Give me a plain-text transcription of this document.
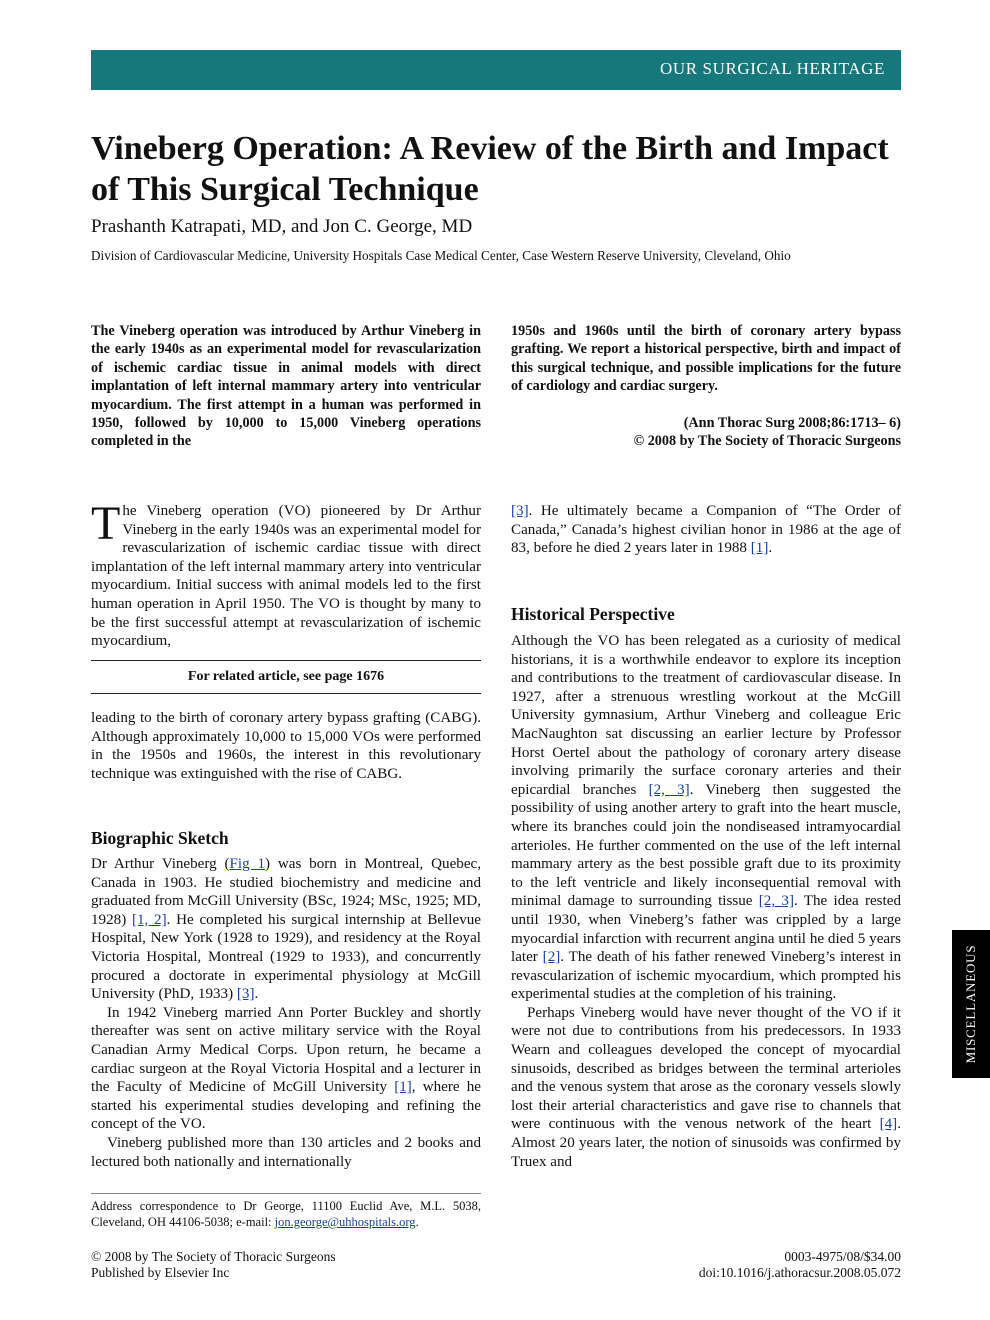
OUR SURGICAL HERITAGE
Vineberg Operation: A Review of the Birth and Impact of This Surgical Technique
Prashanth Katrapati, MD, and Jon C. George, MD
Division of Cardiovascular Medicine, University Hospitals Case Medical Center, Case Western Reserve University, Cleveland, Ohio

The Vineberg operation was introduced by Arthur Vineberg in the early 1940s as an experimental model for revascularization of ischemic cardiac tissue in animal models with direct implantation of left internal mammary artery into ventricular myocardium. The first attempt in a human was performed in 1950, followed by 10,000 to 15,000 Vineberg operations completed in the

1950s and 1960s until the birth of coronary artery bypass grafting. We report a historical perspective, birth and impact of this surgical technique, and possible implications for the future of cardiology and cardiac surgery.

(Ann Thorac Surg 2008;86:1713– 6)
© 2008 by The Society of Thoracic Surgeons

The Vineberg operation (VO) pioneered by Dr Arthur Vineberg in the early 1940s was an experimental model for revascularization of ischemic cardiac tissue with direct implantation of the left internal mammary artery into ventricular myocardium. Initial success with animal models led to the first human operation in April 1950. The VO is thought by many to be the first successful attempt at revascularization of ischemic myocardium,

For related article, see page 1676

leading to the birth of coronary artery bypass grafting (CABG). Although approximately 10,000 to 15,000 VOs were performed in the 1950s and 1960s, the interest in this revolutionary technique was extinguished with the rise of CABG.

Biographic Sketch

Dr Arthur Vineberg (Fig 1) was born in Montreal, Quebec, Canada in 1903. He studied biochemistry and medicine and graduated from McGill University (BSc, 1924; MSc, 1925; MD, 1928) [1, 2]. He completed his surgical internship at Bellevue Hospital, New York (1928 to 1929), and residency at the Royal Victoria Hospital, Montreal (1929 to 1933), and concurrently procured a doctorate in experimental physiology at McGill University (PhD, 1933) [3].

In 1942 Vineberg married Ann Porter Buckley and shortly thereafter was sent on active military service with the Royal Canadian Army Medical Corps. Upon return, he became a cardiac surgeon at the Royal Victoria Hospital and a lecturer in the Faculty of Medicine of McGill University [1], where he started his experimental studies developing and refining the concept of the VO.

Vineberg published more than 130 articles and 2 books and lectured both nationally and internationally

[3]. He ultimately became a Companion of “The Order of Canada,” Canada’s highest civilian honor in 1986 at the age of 83, before he died 2 years later in 1988 [1].

Historical Perspective

Although the VO has been relegated as a curiosity of medical historians, it is a worthwhile endeavor to explore its inception and contributions to the treatment of cardiovascular disease. In 1927, after a strenuous wrestling workout at the McGill University gymnasium, Arthur Vineberg and colleague Eric MacNaughton sat discussing an earlier lecture by Professor Horst Oertel about the pathology of coronary artery disease involving primarily the surface coronary arteries and their epicardial branches [2, 3]. Vineberg then suggested the possibility of using another artery to graft into the heart muscle, where its branches could join the nondiseased intramyocardial arterioles. He further commented on the use of the left internal mammary artery as the best possible graft due to its proximity to the left ventricle and likely inconsequential removal with minimal damage to surrounding tissue [2, 3]. The idea rested until 1930, when Vineberg’s father was crippled by a large myocardial infarction with recurrent angina until he died 5 years later [2]. The death of his father renewed Vineberg’s interest in revascularization of ischemic myocardium, which prompted his experimental studies at the completion of his training.

Perhaps Vineberg would have never thought of the VO if it were not due to contributions from his predecessors. In 1933 Wearn and colleagues developed the concept of myocardial sinusoids, described as bridges between the terminal arterioles and the venous system that arose as the coronary vessels slowly lost their arterial characteristics and gave rise to channels that were continuous with the venous network of the heart [4]. Almost 20 years later, the notion of sinusoids was confirmed by Truex and

Address correspondence to Dr George, 11100 Euclid Ave, M.L. 5038, Cleveland, OH 44106-5038; e-mail: jon.george@uhhospitals.org.
© 2008 by The Society of Thoracic Surgeons
Published by Elsevier Inc
0003-4975/08/$34.00
doi:10.1016/j.athoracsur.2008.05.072
MISCELLANEOUS
